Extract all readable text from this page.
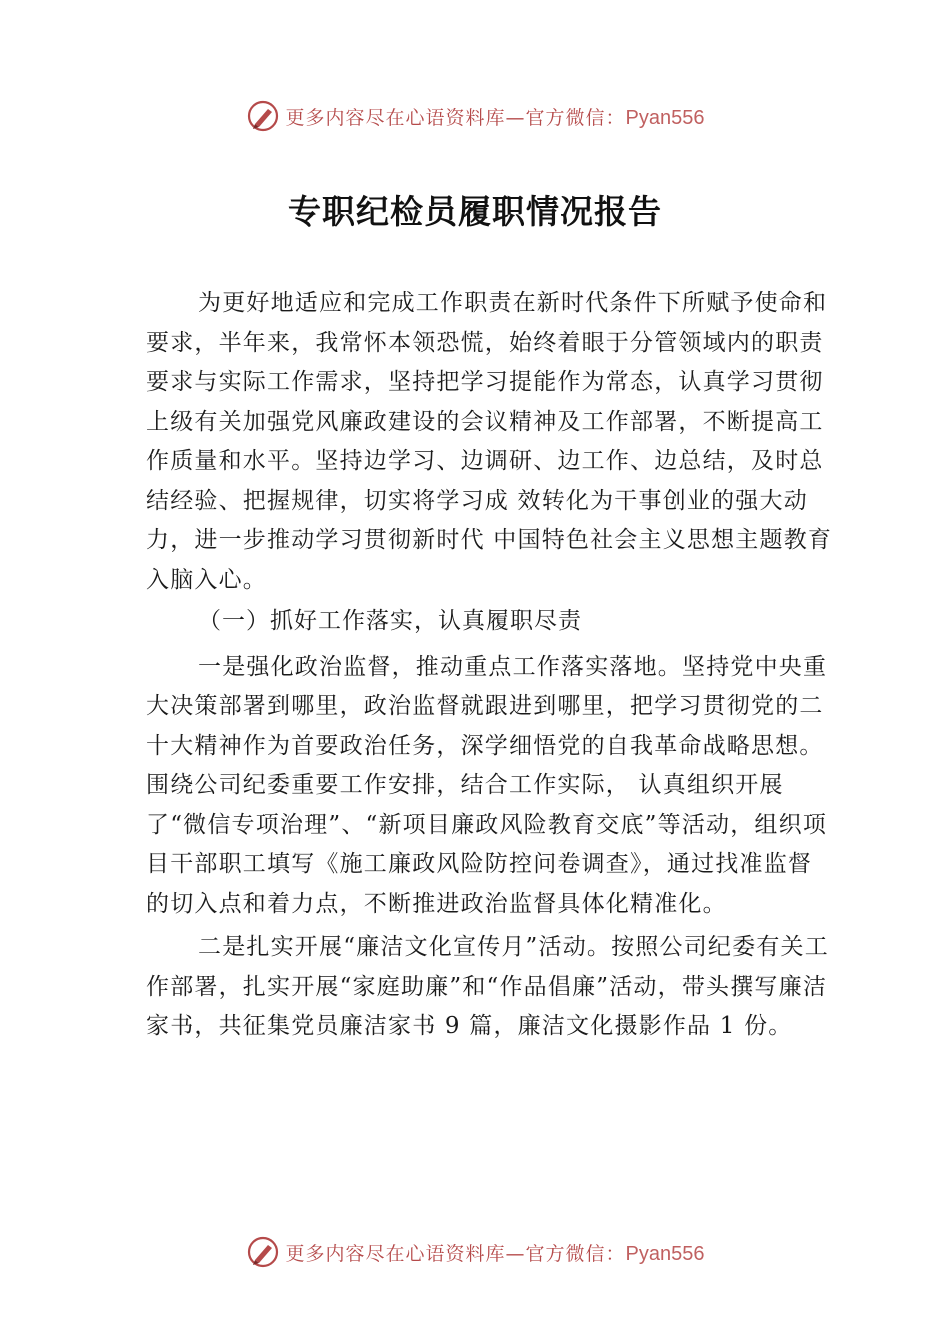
更多内容尽在心语资料库—官方微信：Pyan556
专职纪检员履职情况报告

为更好地适应和完成工作职责在新时代条件下所赋予使命和要求，半年来，我常怀本领恐慌，始终着眼于分管领域内的职责要求与实际工作需求，坚持把学习提能作为常态，认真学习贯彻上级有关加强党风廉政建设的会议精神及工作部署，不断提高工作质量和水平。坚持边学习、边调研、边工作、边总结，及时总结经验、把握规律，切实将学习成 效转化为干事创业的强大动力，进一步推动学习贯彻新时代 中国特色社会主义思想主题教育入脑入心。

（一）抓好工作落实，认真履职尽责

一是强化政治监督，推动重点工作落实落地。坚持党中央重大决策部署到哪里，政治监督就跟进到哪里，把学习贯彻党的二十大精神作为首要政治任务，深学细悟党的自我革命战略思想。围绕公司纪委重要工作安排，结合工作实际， 认真组织开展了“微信专项治理”、“新项目廉政风险教育交底”等活动，组织项目干部职工填写《施工廉政风险防控问卷调查》，通过找准监督的切入点和着力点，不断推进政治监督具体化精准化。

二是扎实开展“廉洁文化宣传月”活动。按照公司纪委有关工作部署，扎实开展“家庭助廉”和“作品倡廉”活动，带头撰写廉洁家书，共征集党员廉洁家书 9 篇，廉洁文化摄影作品 1 份。

更多内容尽在心语资料库—官方微信：Pyan556
